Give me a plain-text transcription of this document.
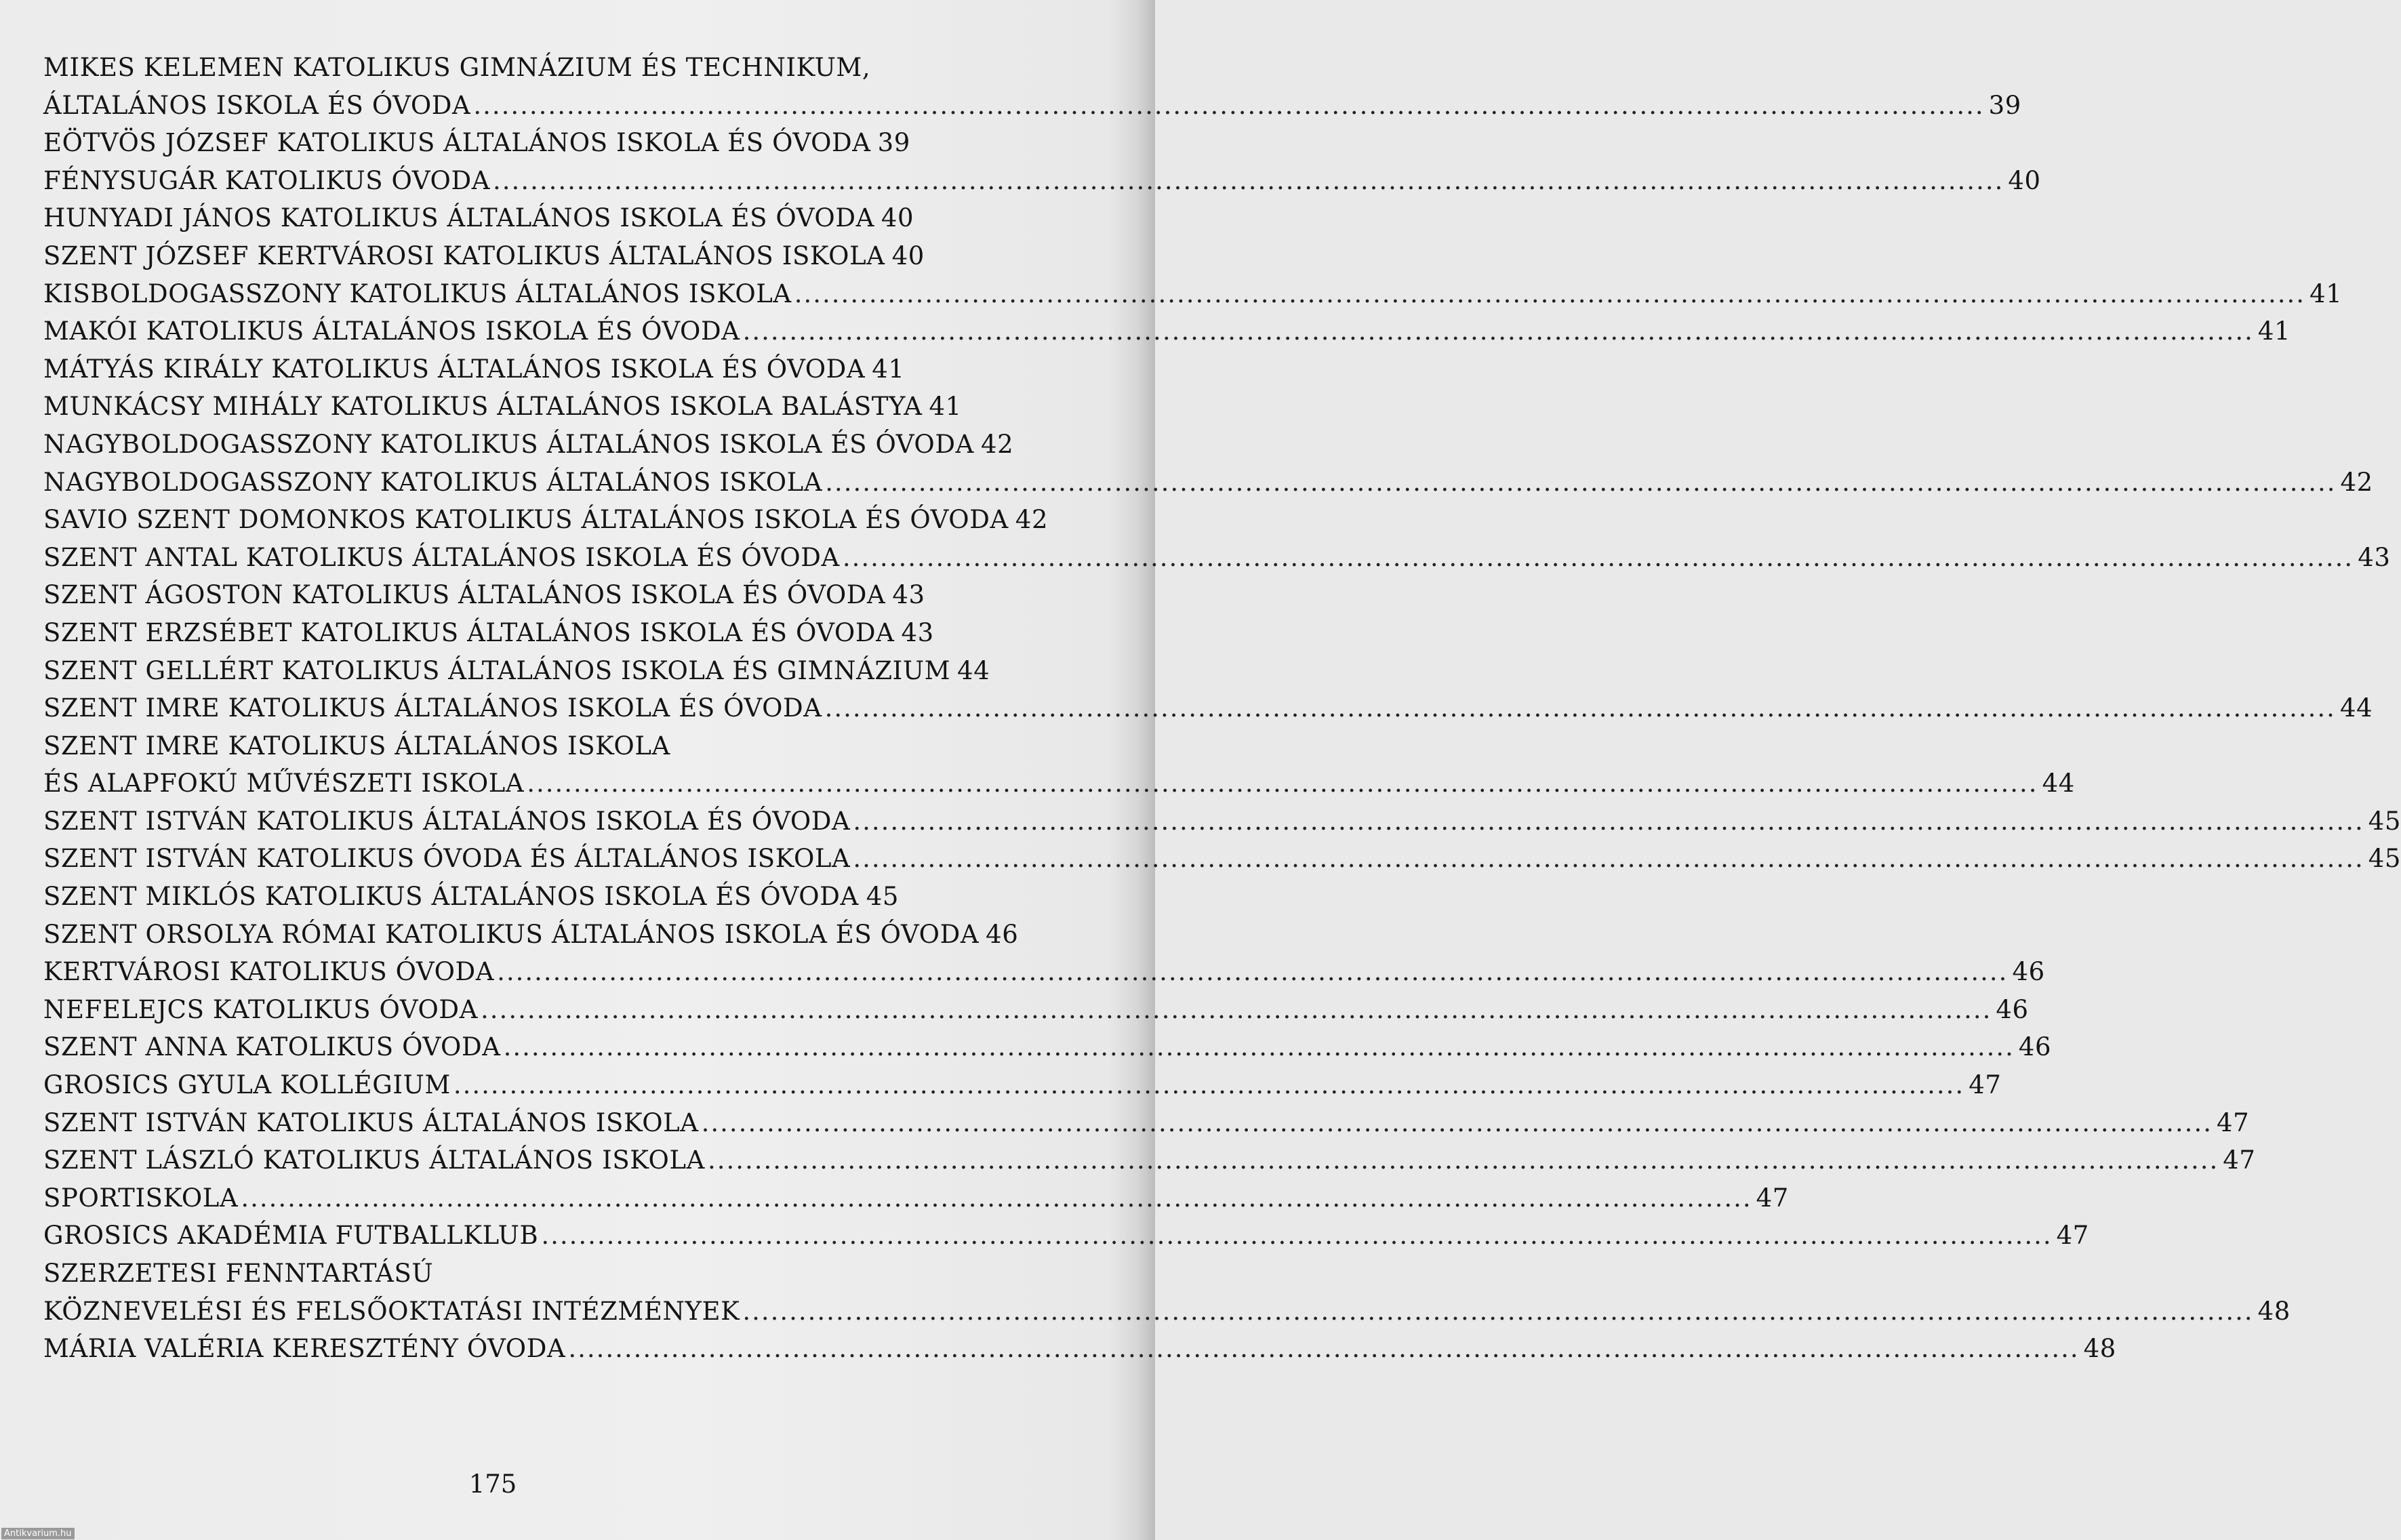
MIKES KELEMEN KATOLIKUS GIMNÁZIUM ÉS TECHNIKUM,
ÁLTALÁNOS ISKOLA ÉS ÓVODA .....	39
EÖTVÖS JÓZSEF KATOLIKUS ÁLTALÁNOS ISKOLA ÉS ÓVODA 39
FÉNYSUGÁR KATOLIKUS ÓVODA .....	40
HUNYADI JÁNOS KATOLIKUS ÁLTALÁNOS ISKOLA ÉS ÓVODA 40
SZENT JÓZSEF KERTVÁROSI KATOLIKUS ÁLTALÁNOS ISKOLA 40
KISBOLDOGASSZONY KATOLIKUS ÁLTALÁNOS ISKOLA .....	41
MAKÓI KATOLIKUS ÁLTALÁNOS ISKOLA ÉS ÓVODA .....	41
MÁTYÁS KIRÁLY KATOLIKUS ÁLTALÁNOS ISKOLA ÉS ÓVODA 41
MUNKÁCSY MIHÁLY KATOLIKUS ÁLTALÁNOS ISKOLA BALÁSTYA 41
NAGYBOLDOGASSZONY KATOLIKUS ÁLTALÁNOS ISKOLA ÉS ÓVODA 42
NAGYBOLDOGASSZONY KATOLIKUS ÁLTALÁNOS ISKOLA .....	42
SAVIO SZENT DOMONKOS KATOLIKUS ÁLTALÁNOS ISKOLA ÉS ÓVODA 42
SZENT ANTAL KATOLIKUS ÁLTALÁNOS ISKOLA ÉS ÓVODA .....	43
SZENT ÁGOSTON KATOLIKUS ÁLTALÁNOS ISKOLA ÉS ÓVODA 43
SZENT ERZSÉBET KATOLIKUS ÁLTALÁNOS ISKOLA ÉS ÓVODA 43
SZENT GELLÉRT KATOLIKUS ÁLTALÁNOS ISKOLA ÉS GIMNÁZIUM 44
SZENT IMRE KATOLIKUS ÁLTALÁNOS ISKOLA ÉS ÓVODA .....	44
SZENT IMRE KATOLIKUS ÁLTALÁNOS ISKOLA
ÉS ALAPFOKÚ MŰVÉSZETI ISKOLA .....	44
SZENT ISTVÁN KATOLIKUS ÁLTALÁNOS ISKOLA ÉS ÓVODA .....	45
SZENT ISTVÁN KATOLIKUS ÓVODA ÉS ÁLTALÁNOS ISKOLA .....	45
SZENT MIKLÓS KATOLIKUS ÁLTALÁNOS ISKOLA ÉS ÓVODA ..... 45
SZENT ORSOLYA RÓMAI KATOLIKUS ÁLTALÁNOS ISKOLA ÉS ÓVODA 46
KERTVÁROSI KATOLIKUS ÓVODA .....	46
NEFELEJCS KATOLIKUS ÓVODA .....	46
SZENT ANNA KATOLIKUS ÓVODA .....	46
GROSICS GYULA KOLLÉGIUM .....	47
SZENT ISTVÁN KATOLIKUS ÁLTALÁNOS ISKOLA .....	47
SZENT LÁSZLÓ KATOLIKUS ÁLTALÁNOS ISKOLA .....	47
SPORTISKOLA .....	47
GROSICS AKADÉMIA FUTBALLKLUB .....	47
SZERZETESI FENNTARTÁSÚ
KÖZNEVELÉSI ÉS FELSŐOKTATÁSI INTÉZMÉNYEK .....	48
MÁRIA VALÉRIA KERESZTÉNY ÓVODA .....	48
175
Antikvarium.hu
